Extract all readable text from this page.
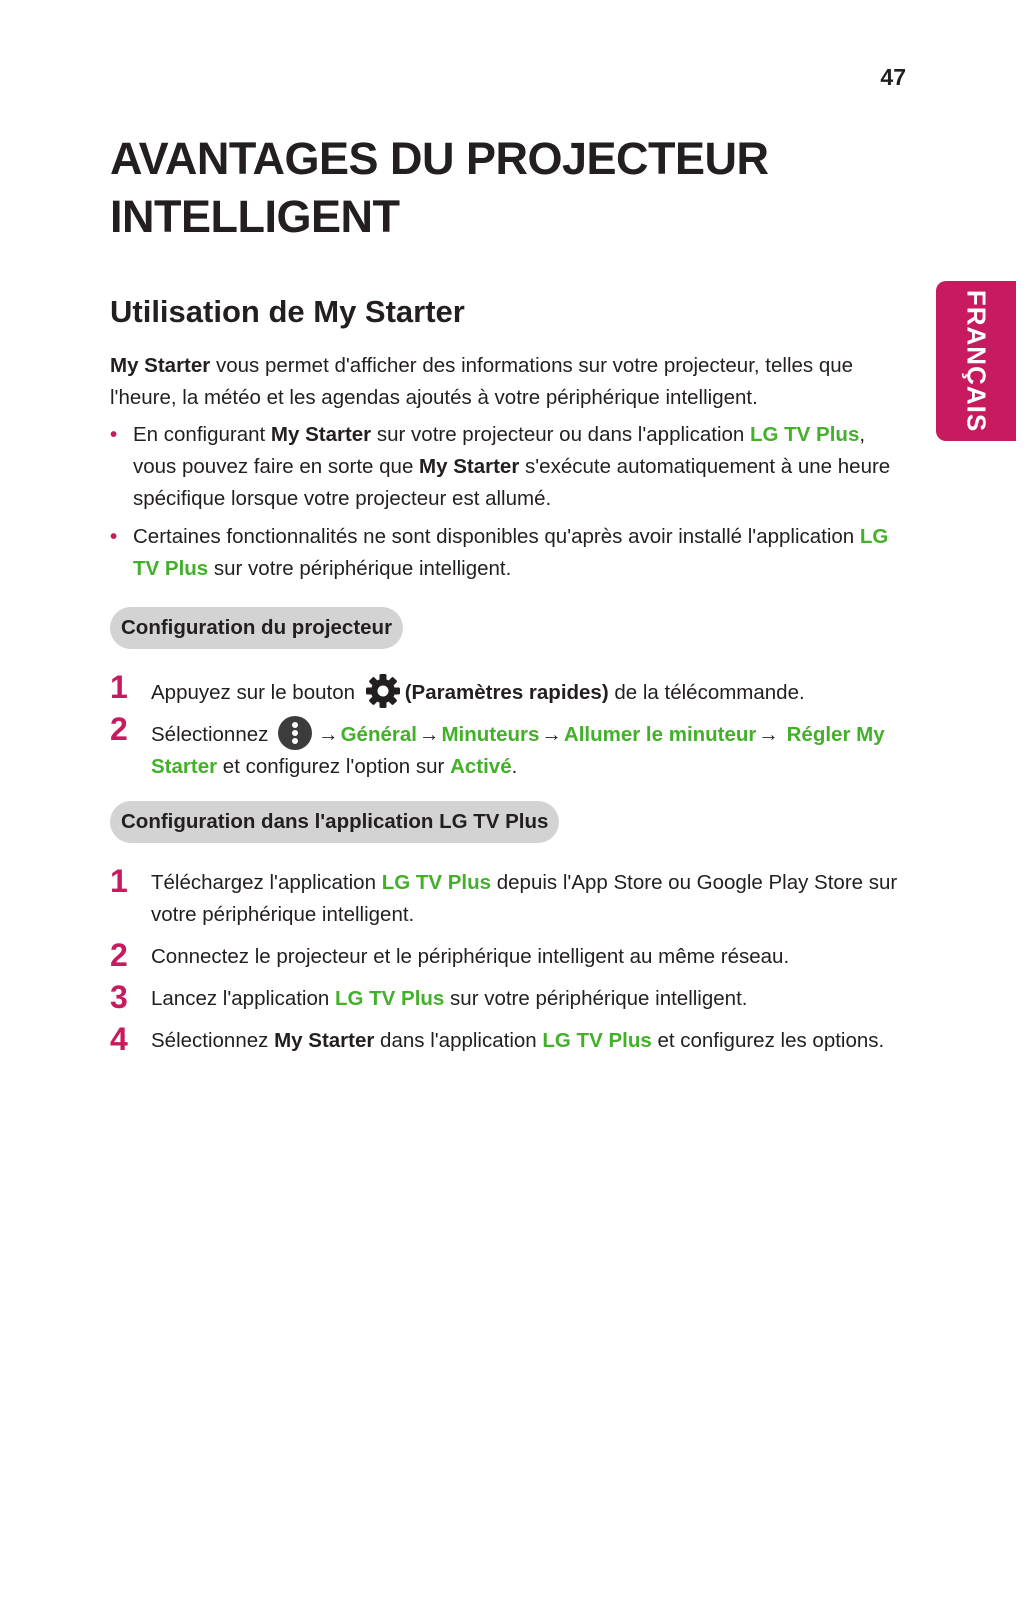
47
FRANÇAIS
AVANTAGES DU PROJECTEUR INTELLIGENT
Utilisation de My Starter

My Starter vous permet d'afficher des informations sur votre projecteur, telles que l'heure, la météo et les agendas ajoutés à votre périphérique intelligent.

• En configurant My Starter sur votre projecteur ou dans l'application LG TV Plus, vous pouvez faire en sorte que My Starter s'exécute automatiquement à une heure spécifique lorsque votre projecteur est allumé.

• Certaines fonctionnalités ne sont disponibles qu'après avoir installé l'application LG TV Plus sur votre périphérique intelligent.

Configuration du projecteur

1 Appuyez sur le bouton (Paramètres rapides) de la télécommande.

2 Sélectionnez →Général→Minuteurs→Allumer le minuteur→ Régler My Starter et configurez l'option sur Activé.

Configuration dans l'application LG TV Plus

1 Téléchargez l'application LG TV Plus depuis l'App Store ou Google Play Store sur votre périphérique intelligent.

2 Connectez le projecteur et le périphérique intelligent au même réseau.

3 Lancez l'application LG TV Plus sur votre périphérique intelligent.

4 Sélectionnez My Starter dans l'application LG TV Plus et configurez les options.
